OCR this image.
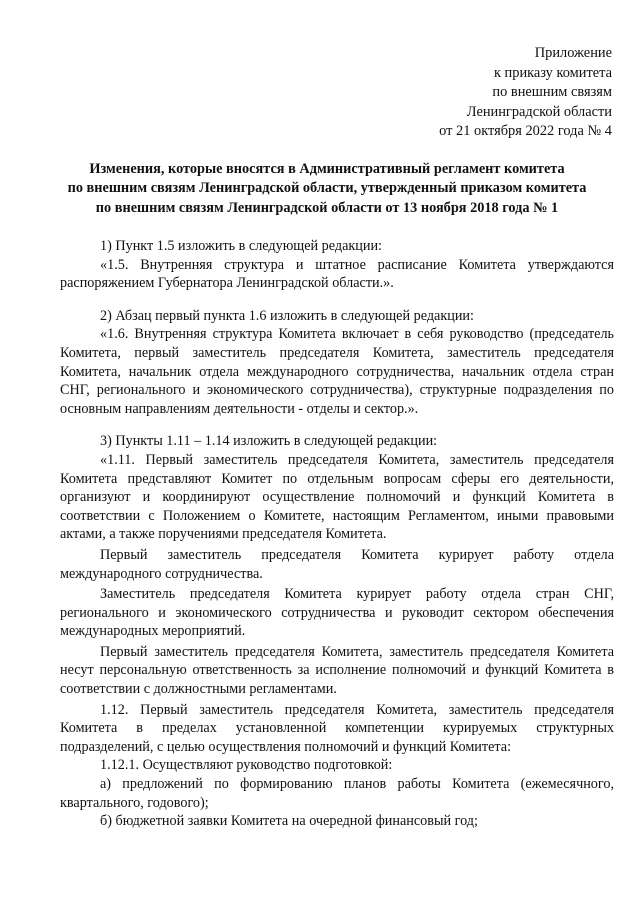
Приложение
к приказу комитета
по внешним связям
Ленинградской области
от 21 октября 2022 года № 4
Изменения, которые вносятся в Административный регламент комитета
по внешним связям Ленинградской области, утвержденный приказом комитета
по внешним связям Ленинградской области от 13 ноября 2018 года № 1

1) Пункт 1.5 изложить в следующей редакции:

«1.5. Внутренняя структура и штатное расписание Комитета утверждаются распоряжением Губернатора Ленинградской области.».

2) Абзац первый пункта 1.6 изложить в следующей редакции:

«1.6. Внутренняя структура Комитета включает в себя руководство (председатель Комитета, первый заместитель председателя Комитета, заместитель председателя Комитета, начальник отдела международного сотрудничества, начальник отдела стран СНГ, регионального и экономического сотрудничества), структурные подразделения по основным направлениям деятельности - отделы и сектор.».

3) Пункты 1.11 – 1.14 изложить в следующей редакции:

«1.11. Первый заместитель председателя Комитета, заместитель председателя Комитета представляют Комитет по отдельным вопросам сферы его деятельности, организуют и координируют осуществление полномочий и функций Комитета в соответствии с Положением о Комитете, настоящим Регламентом, иными правовыми актами, а также поручениями председателя Комитета.

Первый заместитель председателя Комитета курирует работу отдела международного сотрудничества.

Заместитель председателя Комитета курирует работу отдела стран СНГ, регионального и экономического сотрудничества и руководит сектором обеспечения международных мероприятий.

Первый заместитель председателя Комитета, заместитель председателя Комитета несут персональную ответственность за исполнение полномочий и функций Комитета в соответствии с должностными регламентами.

1.12. Первый заместитель председателя Комитета, заместитель председателя Комитета в пределах установленной компетенции курируемых структурных подразделений, с целью осуществления полномочий и функций Комитета:

1.12.1. Осуществляют руководство подготовкой:

а) предложений по формированию планов работы Комитета (ежемесячного, квартального, годового);

б) бюджетной заявки Комитета на очередной финансовый год;
